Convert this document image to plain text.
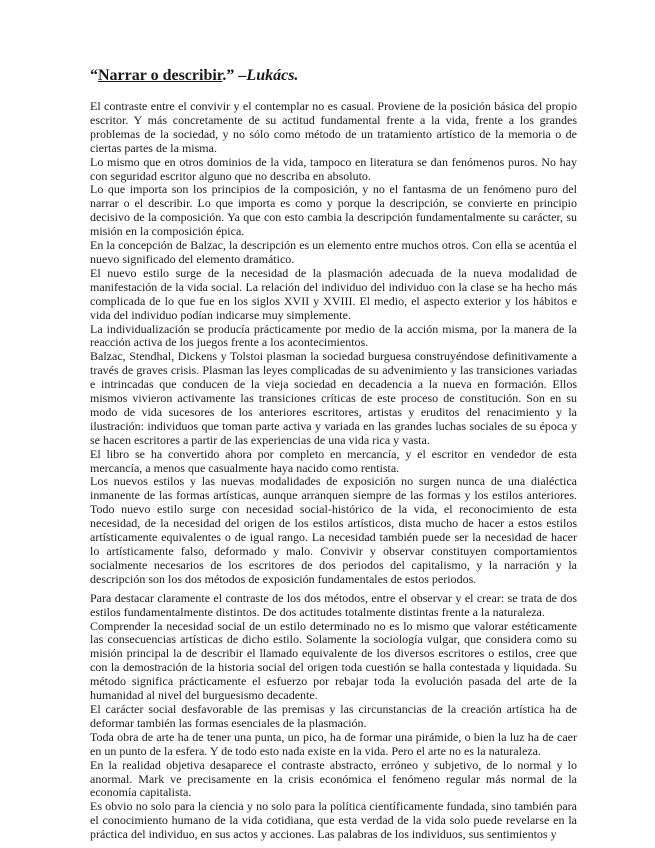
“Narrar o describir.” –Lukács.

El contraste entre el convivir y el contemplar no es casual. Proviene de la posición básica del propio escritor. Y más concretamente de su actitud fundamental frente a la vida, frente a los grandes problemas de la sociedad, y no sólo como método de un tratamiento artístico de la memoria o de ciertas partes de la misma.

Lo mismo que en otros dominios de la vida, tampoco en literatura se dan fenómenos puros. No hay con seguridad escritor alguno que no describa en absoluto.

Lo que importa son los principios de la composición, y no el fantasma de un fenómeno puro del narrar o el describir. Lo que importa es como y porque la descripción, se convierte en principio decisivo de la composición. Ya que con esto cambia la descripción fundamentalmente su carácter, su misión en la composición épica.

En la concepción de Balzac, la descripción es un elemento entre muchos otros. Con ella se acentúa el nuevo significado del elemento dramático.

El nuevo estilo surge de la necesidad de la plasmación adecuada de la nueva modalidad de manifestación de la vida social. La relación del individuo del individuo con la clase se ha hecho más complicada de lo que fue en los siglos XVII y XVIII. El medio, el aspecto exterior y los hábitos e vida del individuo podían indicarse muy simplemente.

La individualización se producía prácticamente por medio de la acción misma, por la manera de la reacción activa de los juegos frente a los acontecimientos.

Balzac, Stendhal, Dickens y Tolstoi plasman la sociedad burguesa construyéndose definitivamente a través de graves crisis. Plasman las leyes complicadas de su advenimiento y las transiciones variadas e intrincadas que conducen de la vieja sociedad en decadencia a la nueva en formación. Ellos mismos vivieron activamente las transiciones críticas de este proceso de constitución. Son en su modo de vida sucesores de los anteriores escritores, artistas y eruditos del renacimiento y la ilustración: individuos que toman parte activa y variada en las grandes luchas sociales de su época y se hacen escritores a partir de las experiencias de una vida rica y vasta.

El libro se ha convertido ahora por completo en mercancía, y el escritor en vendedor de esta mercancía, a menos que casualmente haya nacido como rentista.

Los nuevos estilos y las nuevas modalidades de exposición no surgen nunca de una dialéctica inmanente de las formas artísticas, aunque arranquen siempre de las formas y los estilos anteriores. Todo nuevo estilo surge con necesidad social-histórico de la vida, el reconocimiento de esta necesidad, de la necesidad del origen de los estilos artísticos, dista mucho de hacer a estos estilos artísticamente equivalentes o de igual rango. La necesidad también puede ser la necesidad de hacer lo artísticamente falso, deformado y malo. Convivir y observar constituyen comportamientos socialmente necesarios de los escritores de dos periodos del capitalismo, y la narración y la descripción son los dos métodos de exposición fundamentales de estos periodos.

Para destacar claramente el contraste de los dos métodos, entre el observar y el crear: se trata de dos estilos fundamentalmente distintos. De dos actitudes totalmente distintas frente a la naturaleza.

Comprender la necesidad social de un estilo determinado no es lo mismo que valorar estéticamente las consecuencias artísticas de dicho estilo. Solamente la sociología vulgar, que considera como su misión principal la de describir el llamado equivalente de los diversos escritores o estilos, cree que con la demostración de la historia social del origen toda cuestión se halla contestada y liquidada. Su método significa prácticamente el esfuerzo por rebajar toda la evolución pasada del arte de la humanidad al nivel del burguesismo decadente.

El carácter social desfavorable de las premisas y las circunstancias de la creación artística ha de deformar también las formas esenciales de la plasmación.

Toda obra de arte ha de tener una punta, un pico, ha de formar una pirámide, o bien la luz ha de caer en un punto de la esfera. Y de todo esto nada existe en la vida. Pero el arte no es la naturaleza.

En la realidad objetiva desaparece el contraste abstracto, erróneo y subjetivo, de lo normal y lo anormal. Mark ve precisamente en la crisis económica el fenómeno regular más normal de la economía capitalista.

Es obvio no solo para la ciencia y no solo para la política científicamente fundada, sino también para el conocimiento humano de la vida cotidiana, que esta verdad de la vida solo puede revelarse en la práctica del individuo, en sus actos y acciones. Las palabras de los individuos, sus sentimientos y
